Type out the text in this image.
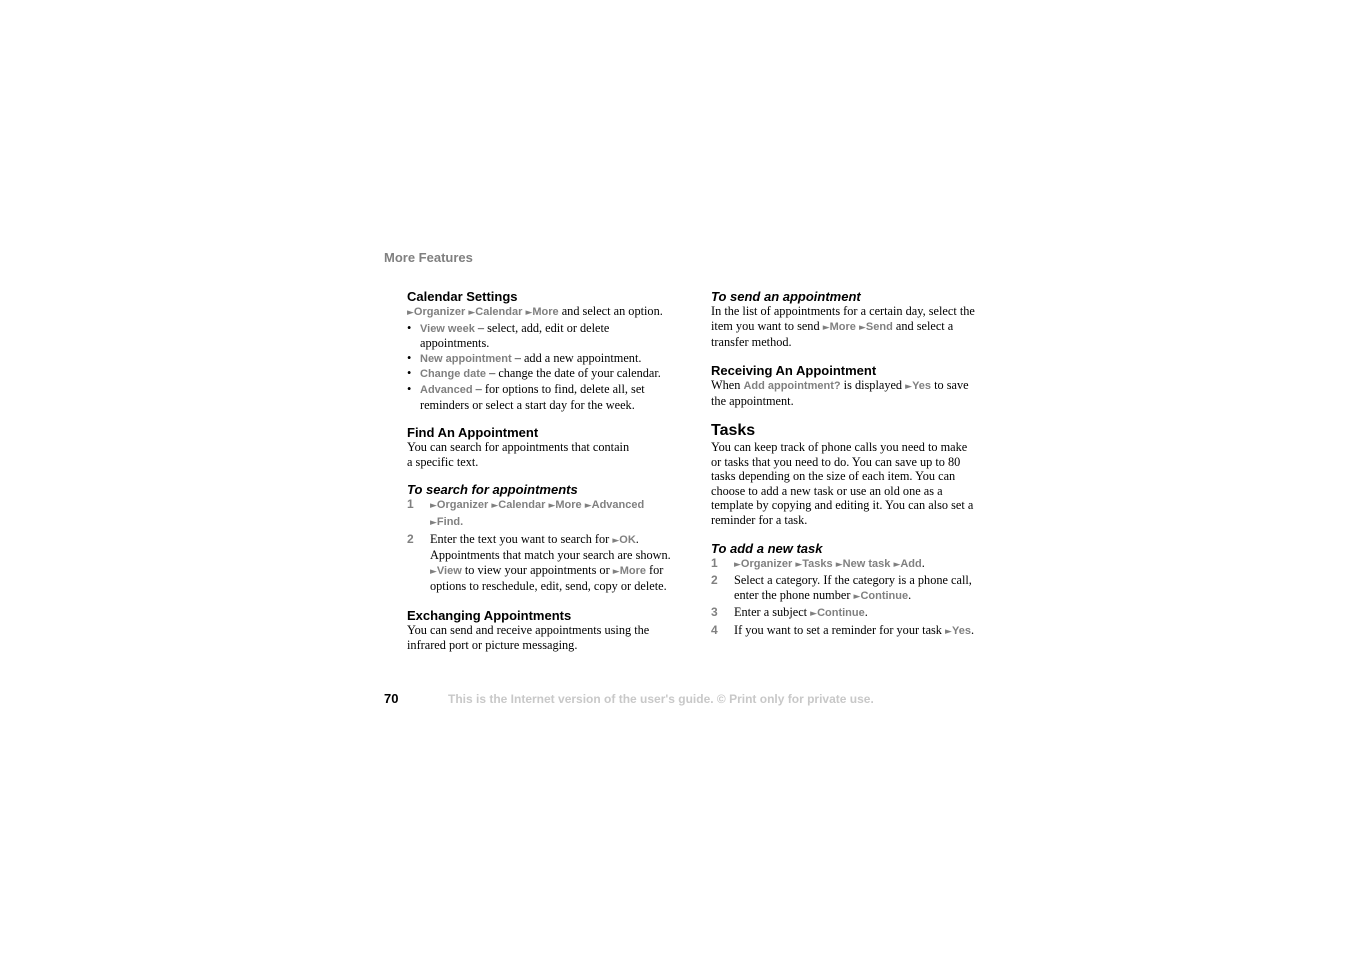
More Features
Calendar Settings

►Organizer ►Calendar ►More and select an option.

• View week – select, add, edit or delete appointments.
• New appointment – add a new appointment.
• Change date – change the date of your calendar.
• Advanced – for options to find, delete all, set reminders or select a start day for the week.
Find An Appointment

You can search for appointments that contain
a specific text.

To search for appointments
1 ►Organizer ►Calendar ►More ►Advanced
►Find.
2 Enter the text you want to search for ►OK. Appointments that match your search are shown. ►View to view your appointments or ►More for options to reschedule, edit, send, copy or delete.
Exchanging Appointments

You can send and receive appointments using the infrared port or picture messaging.

To send an appointment

In the list of appointments for a certain day, select the item you want to send ►More ►Send and select a transfer method.

Receiving An Appointment

When Add appointment? is displayed ►Yes to save the appointment.

Tasks

You can keep track of phone calls you need to make or tasks that you need to do. You can save up to 80 tasks depending on the size of each item. You can choose to add a new task or use an old one as a template by copying and editing it. You can also set a reminder for a task.

To add a new task
1 ►Organizer ►Tasks ►New task ►Add.
2 Select a category. If the category is a phone call, enter the phone number ►Continue.
3 Enter a subject ►Continue.
4 If you want to set a reminder for your task ►Yes.
70	This is the Internet version of the user's guide. © Print only for private use.
